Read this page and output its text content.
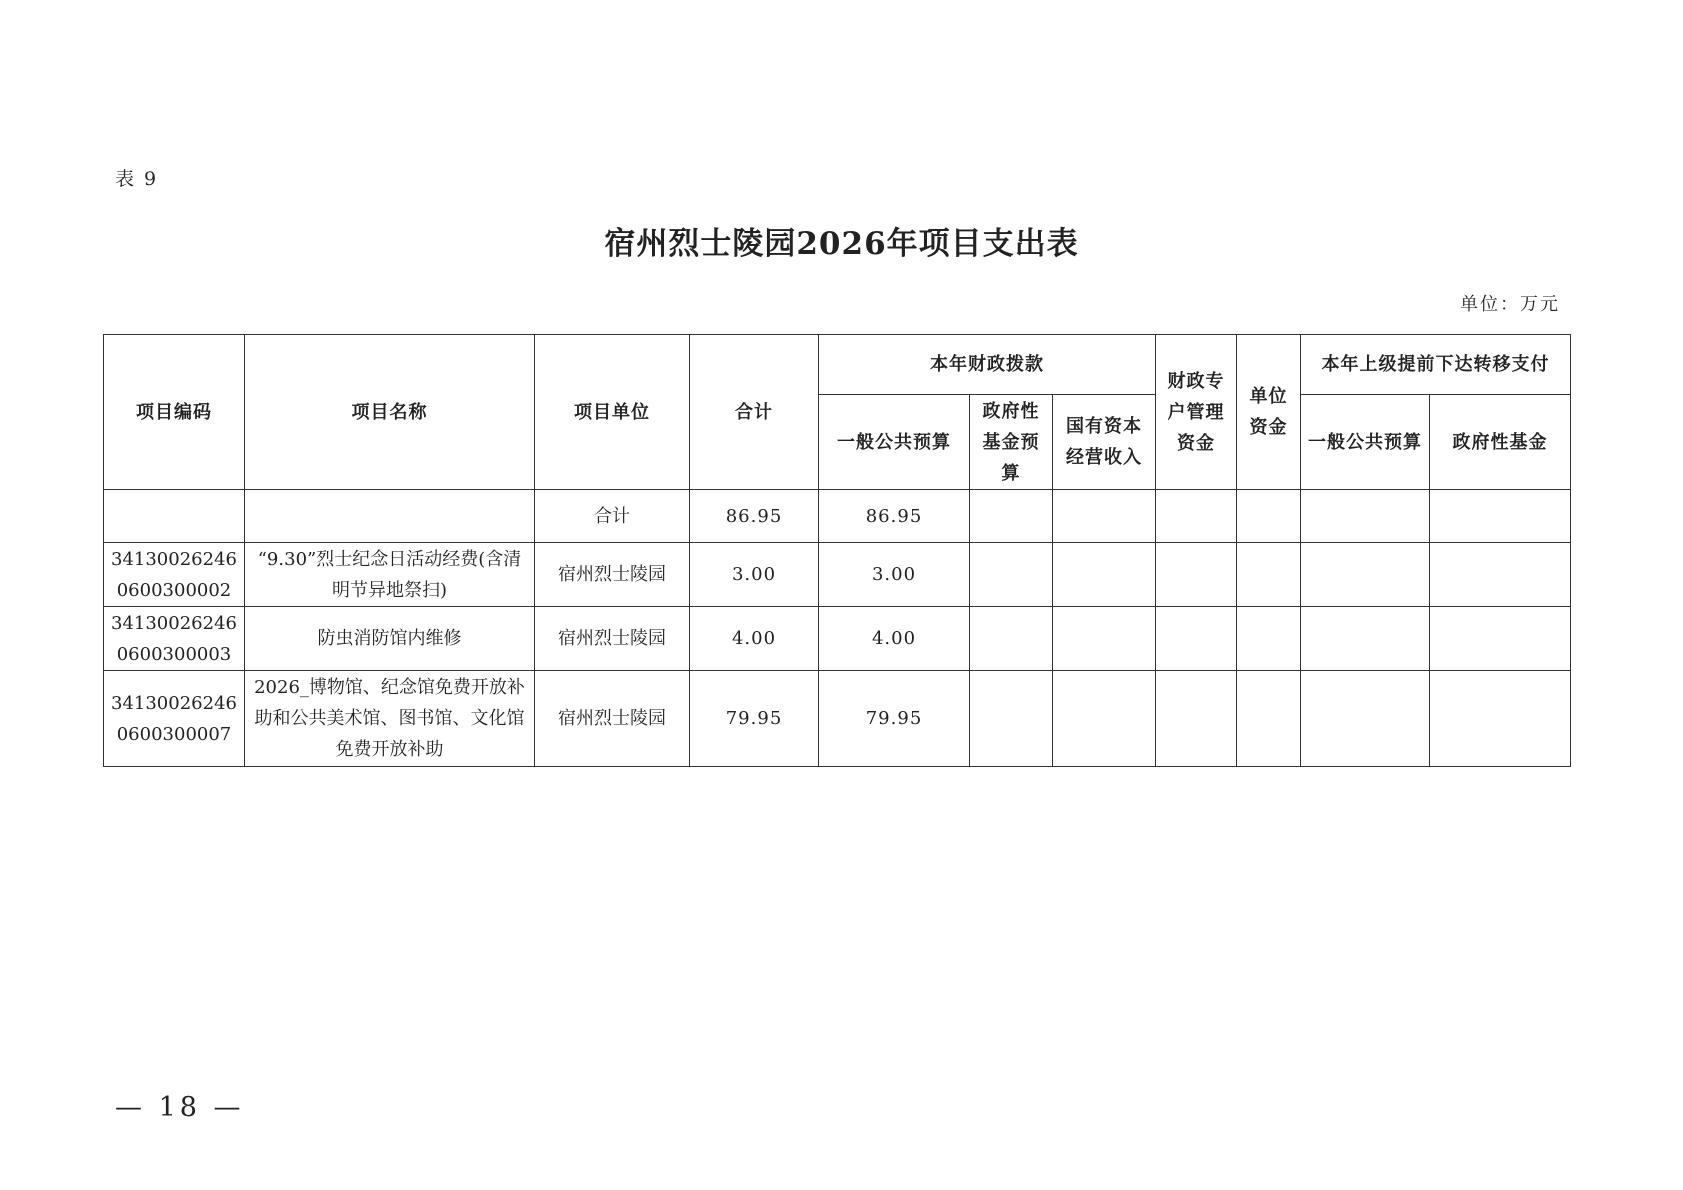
表 9
宿州烈士陵园2026年项目支出表
单位：万元
项目编码	项目名称	项目单位	合计	本年财政拨款			财政专户管理资金	单位资金	本年上级提前下达转移支付	
				一般公共预算	政府性基金预算	国有资本经营收入			一般公共预算	政府性基金
		合计	86.95	86.95						
341300262460600300002	“9.30”烈士纪念日活动经费(含清明节异地祭扫)	宿州烈士陵园	3.00	3.00						
341300262460600300003	防虫消防馆内维修	宿州烈士陵园	4.00	4.00						
341300262460600300007	2026_博物馆、纪念馆免费开放补助和公共美术馆、图书馆、文化馆免费开放补助	宿州烈士陵园	79.95	79.95						
— 18 —
